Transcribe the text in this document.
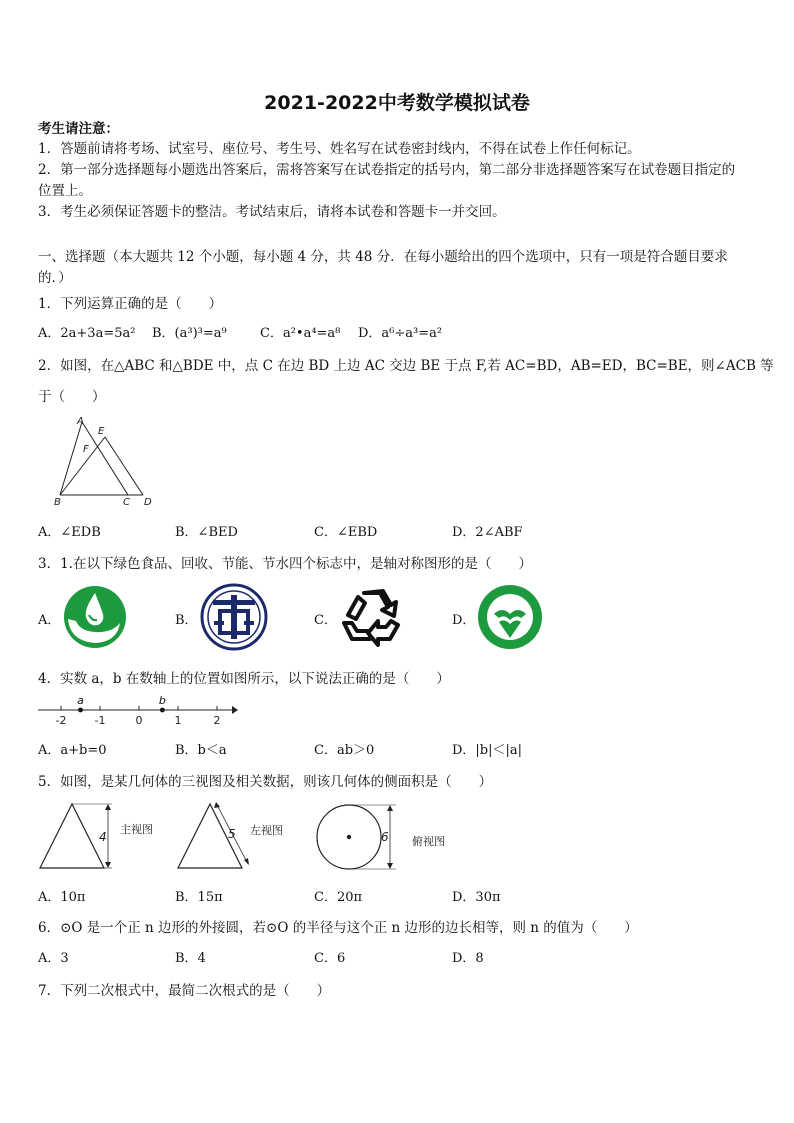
2021-2022中考数学模拟试卷
考生请注意：
1．答题前请将考场、试室号、座位号、考生号、姓名写在试卷密封线内，不得在试卷上作任何标记。
2．第一部分选择题每小题选出答案后，需将答案写在试卷指定的括号内，第二部分非选择题答案写在试卷题目指定的
位置上。
3．考生必须保证答题卡的整洁。考试结束后，请将本试卷和答题卡一并交回。
一、选择题（本大题共 12 个小题，每小题 4 分，共 48 分．在每小题给出的四个选项中，只有一项是符合题目要求
的．）
1．下列运算正确的是（　　）
A．2a+3a=5a² B．(a³)³=a⁹	C．a²•a⁴=a⁸ D．a⁶÷a³=a²
2．如图，在△ABC 和△BDE 中，点 C 在边 BD 上边 AC 交边 BE 于点 F,若 AC=BD，AB=ED，BC=BE，则∠ACB 等
于（　　）
A
E
F
B	C D
A．∠EDB	B．∠BED	C．∠EBD	D．2∠ABF
3．1.在以下绿色食品、回收、节能、节水四个标志中，是轴对称图形的是（　　）
A．	B．	C．	D．
4．实数 a，b 在数轴上的位置如图所示，以下说法正确的是（　　）
-2	-1	0	1	2
a	b
A．a+b=0	B．b＜a	C．ab＞0	D．|b|＜|a|
5．如图，是某几何体的三视图及相关数据，则该几何体的侧面积是（　　）
4
主视图	5 左视图	6 俯视图
A．10π	B．15π	C．20π	D．30π
6．⊙O 是一个正 n 边形的外接圆，若⊙O 的半径与这个正 n 边形的边长相等，则 n 的值为（　　）
A．3	B．4	C．6	D．8
7．下列二次根式中，最简二次根式的是（　　）
